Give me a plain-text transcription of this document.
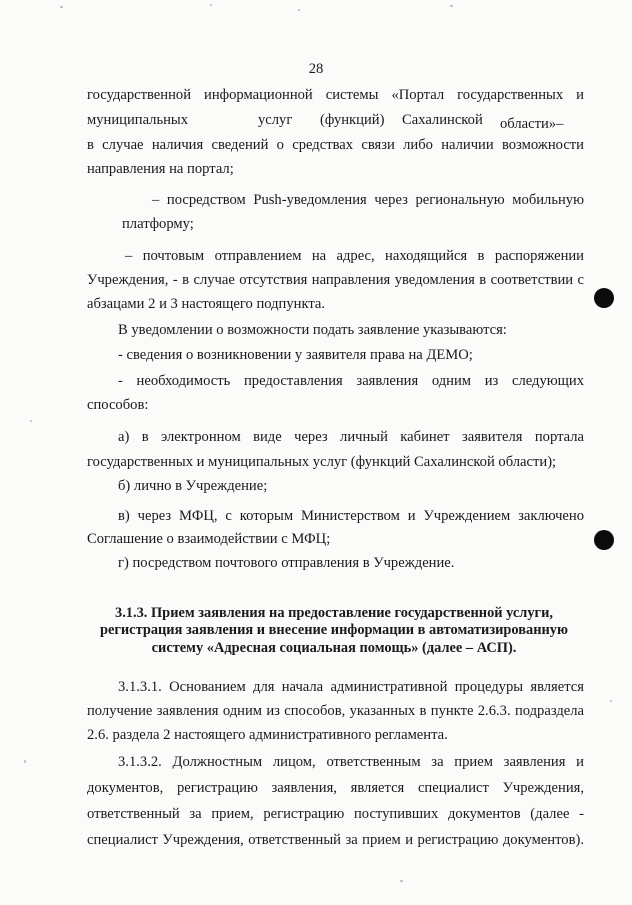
28
государственной информационной системы «Портал государственных и
муниципальных	услуг (функций) Сахалинской области»–
в случае наличия сведений о средствах связи либо наличии возможности
направления на портал;
– посредством Push-уведомления через региональную мобильную
платформу;
– почтовым отправлением на адрес, находящийся в распоряжении
Учреждения, - в случае отсутствия направления уведомления в соответствии с
абзацами 2 и 3 настоящего подпункта.
В уведомлении о возможности подать заявление указываются:
- сведения о возникновении у заявителя права на ДЕМО;
- необходимость предоставления заявления одним из следующих
способов:
а) в электронном виде через личный кабинет заявителя портала
государственных и муниципальных услуг (функций Сахалинской области);
б) лично в Учреждение;
в) через МФЦ, с которым Министерством и Учреждением заключено
Соглашение о взаимодействии с МФЦ;
г) посредством почтового отправления в Учреждение.
3.1.3. Прием заявления на предоставление государственной услуги,
регистрация заявления и внесение информации в автоматизированную
систему «Адресная социальная помощь» (далее – АСП).
3.1.3.1. Основанием для начала административной процедуры является
получение заявления одним из способов, указанных в пункте 2.6.3. подраздела
2.6. раздела 2 настоящего административного регламента.
3.1.3.2. Должностным лицом, ответственным за прием заявления и
документов, регистрацию заявления, является специалист Учреждения,
ответственный за прием, регистрацию поступивших документов (далее -
специалист Учреждения, ответственный за прием и регистрацию документов).
